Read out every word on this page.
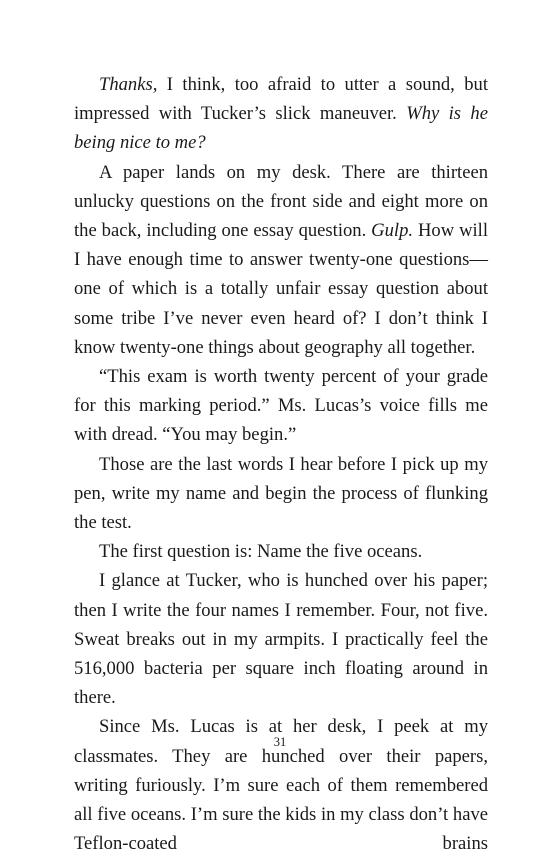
Thanks, I think, too afraid to utter a sound, but impressed with Tucker’s slick maneuver. Why is he being nice to me?

A paper lands on my desk. There are thirteen unlucky questions on the front side and eight more on the back, including one essay question. Gulp. How will I have enough time to answer twenty-one questions—one of which is a totally unfair essay question about some tribe I’ve never even heard of? I don’t think I know twenty-one things about geography all together.

“This exam is worth twenty percent of your grade for this marking period.” Ms. Lucas’s voice fills me with dread. “You may begin.”

Those are the last words I hear before I pick up my pen, write my name and begin the process of flunking the test.

The first question is: Name the five oceans.

I glance at Tucker, who is hunched over his paper; then I write the four names I remember. Four, not five. Sweat breaks out in my armpits. I practically feel the 516,000 bacteria per square inch floating around in there.

Since Ms. Lucas is at her desk, I peek at my classmates. They are hunched over their papers, writing furiously. I’m sure each of them remembered all five oceans. I’m sure the kids in my class don’t have Teflon-coated brains

31
